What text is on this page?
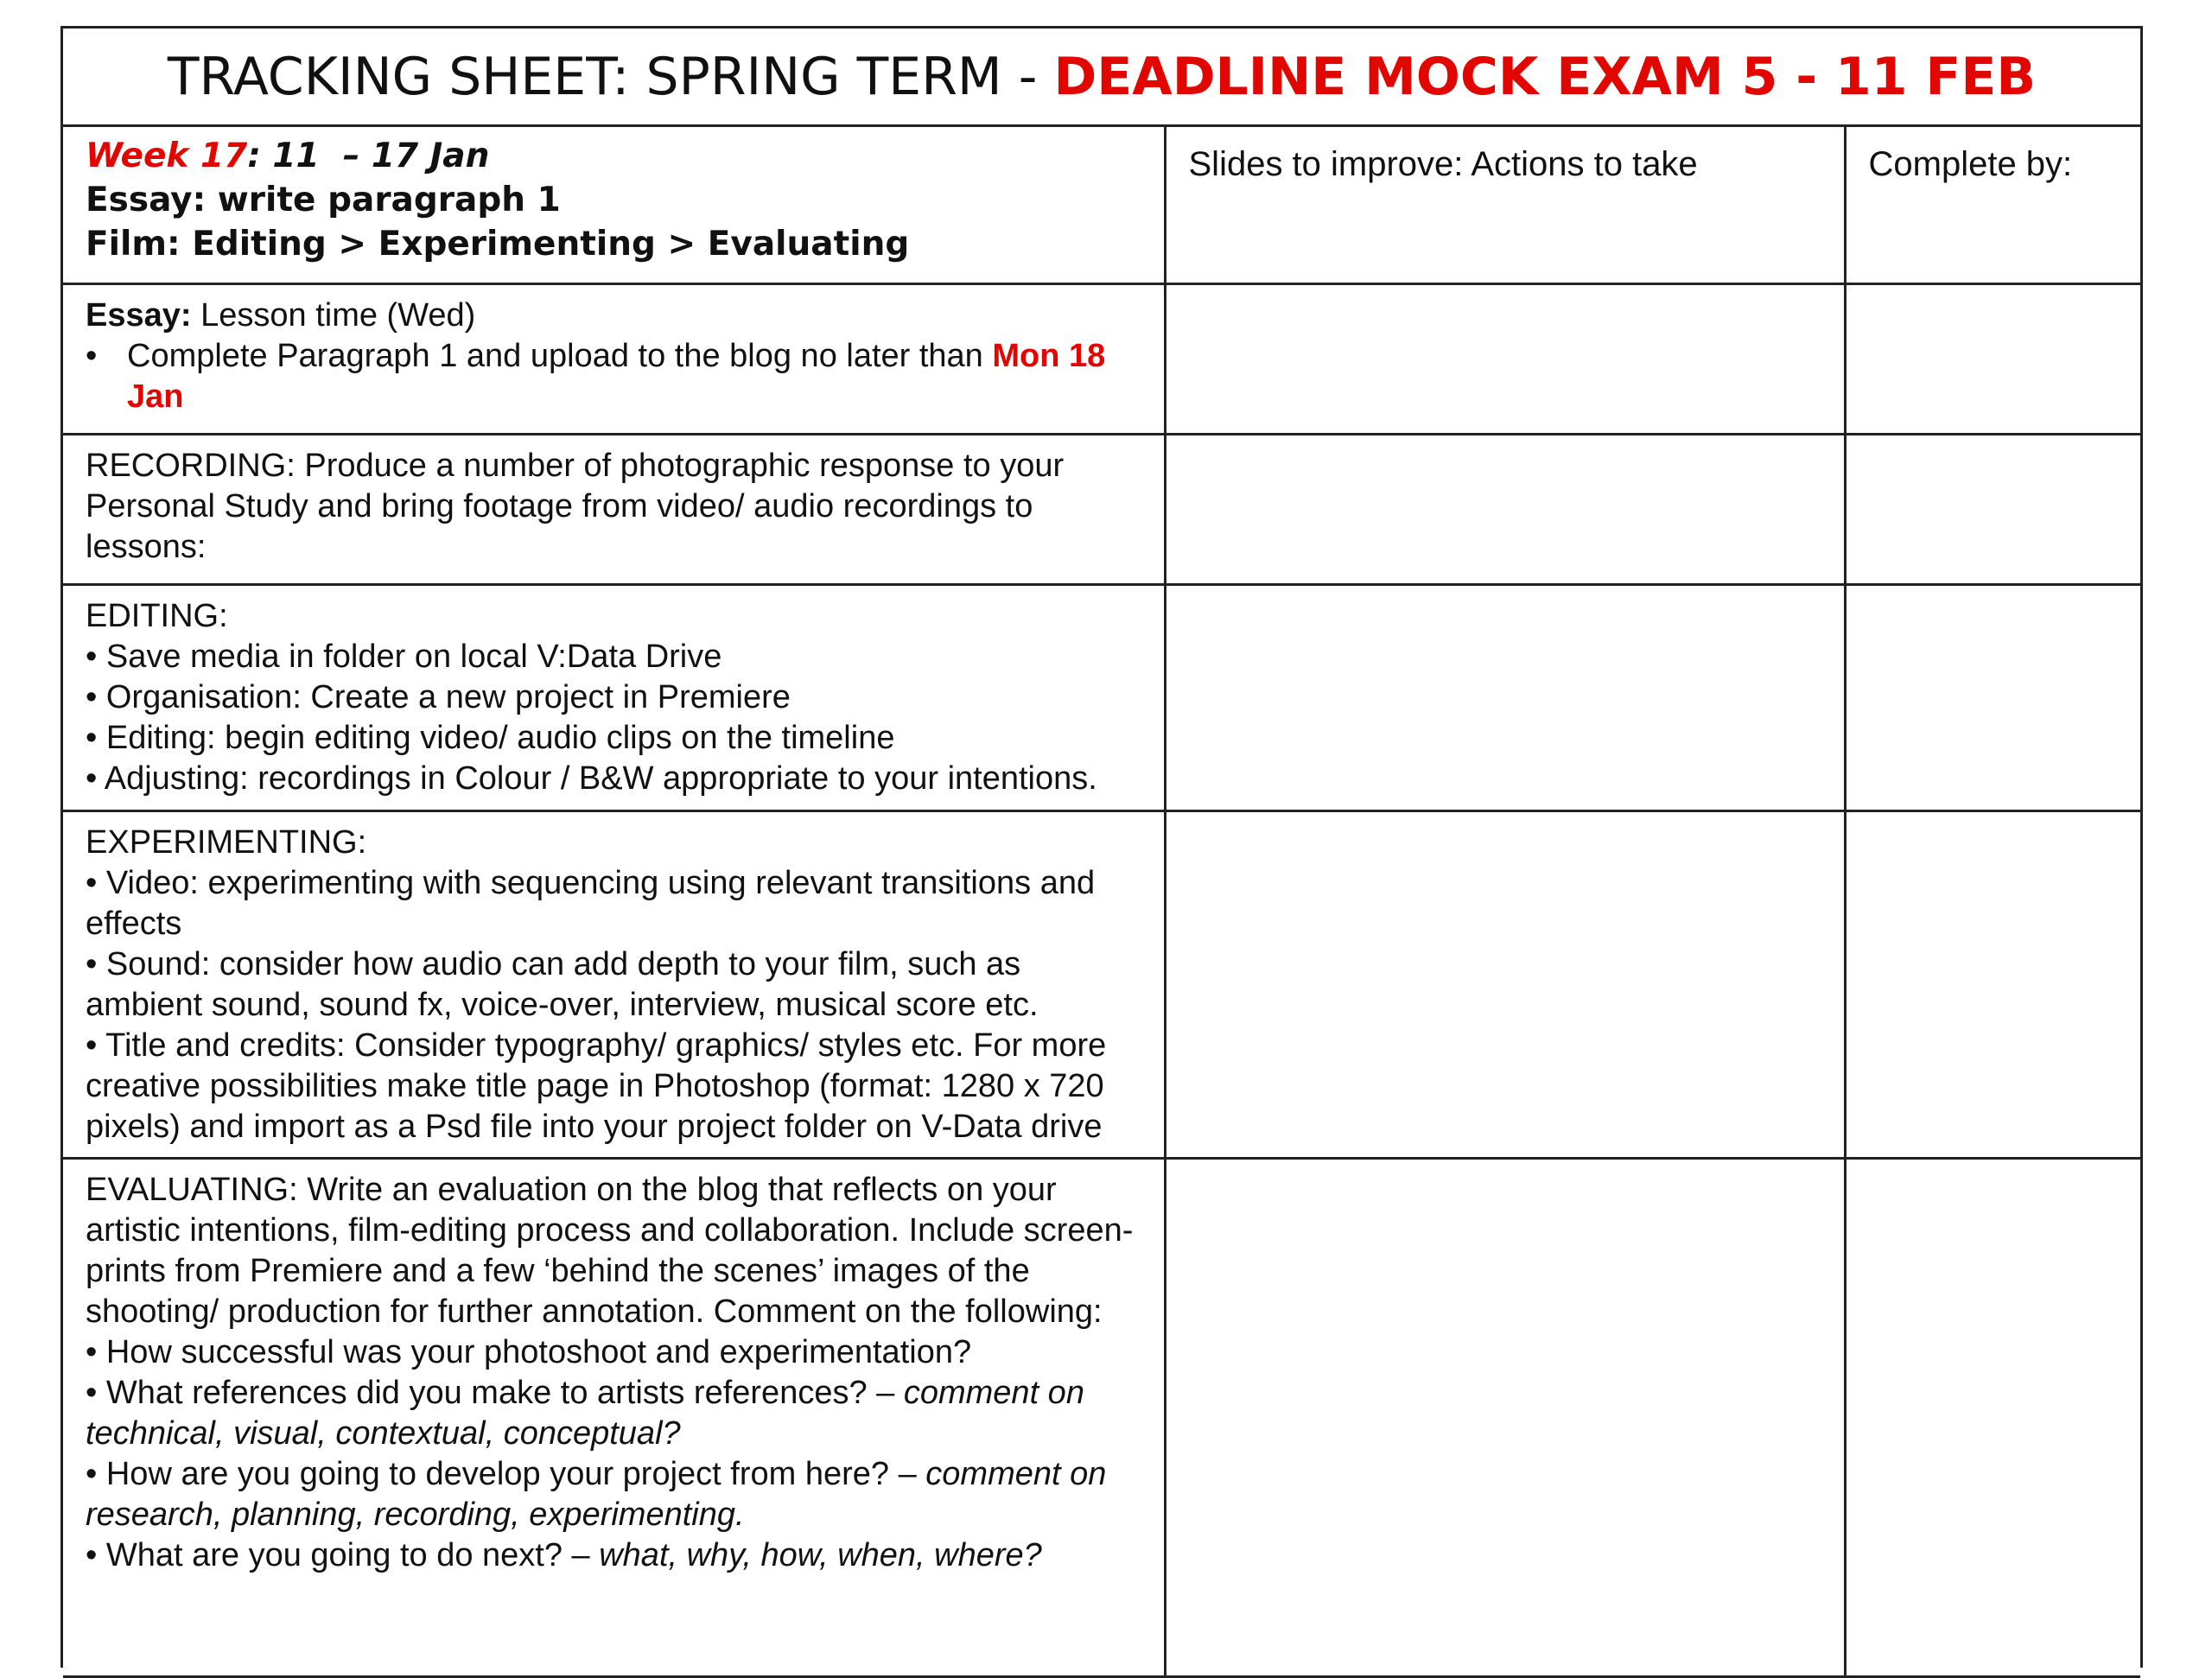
TRACKING SHEET: SPRING TERM - DEADLINE MOCK EXAM 5 - 11 FEB
Week 17: 11  – 17 Jan
Essay: write paragraph 1
Film: Editing > Experimenting > Evaluating	Slides to improve: Actions to take	Complete by:

Essay: Lesson time (Wed)
• Complete Paragraph 1 and upload to the blog no later than Mon 18 Jan		

RECORDING: Produce a number of photographic response to your Personal Study and bring footage from video/ audio recordings to lessons:		

EDITING:
• Save media in folder on local V:Data Drive
• Organisation: Create a new project in Premiere
• Editing: begin editing video/ audio clips on the timeline
• Adjusting: recordings in Colour / B&W appropriate to your intentions.		

EXPERIMENTING:
• Video: experimenting with sequencing using relevant transitions and effects
• Sound: consider how audio can add depth to your film, such as ambient sound, sound fx, voice-over, interview, musical score etc.
• Title and credits: Consider typography/ graphics/ styles etc. For more creative possibilities make title page in Photoshop (format: 1280 x 720 pixels) and import as a Psd file into your project folder on V-Data drive		

EVALUATING: Write an evaluation on the blog that reflects on your artistic intentions, film-editing process and collaboration. Include screen-prints from Premiere and a few ‘behind the scenes’ images of the shooting/ production for further annotation. Comment on the following:
• How successful was your photoshoot and experimentation?
• What references did you make to artists references? – comment on technical, visual, contextual, conceptual?
• How are you going to develop your project from here? – comment on research, planning, recording, experimenting.
• What are you going to do next? – what, why, how, when, where?		
